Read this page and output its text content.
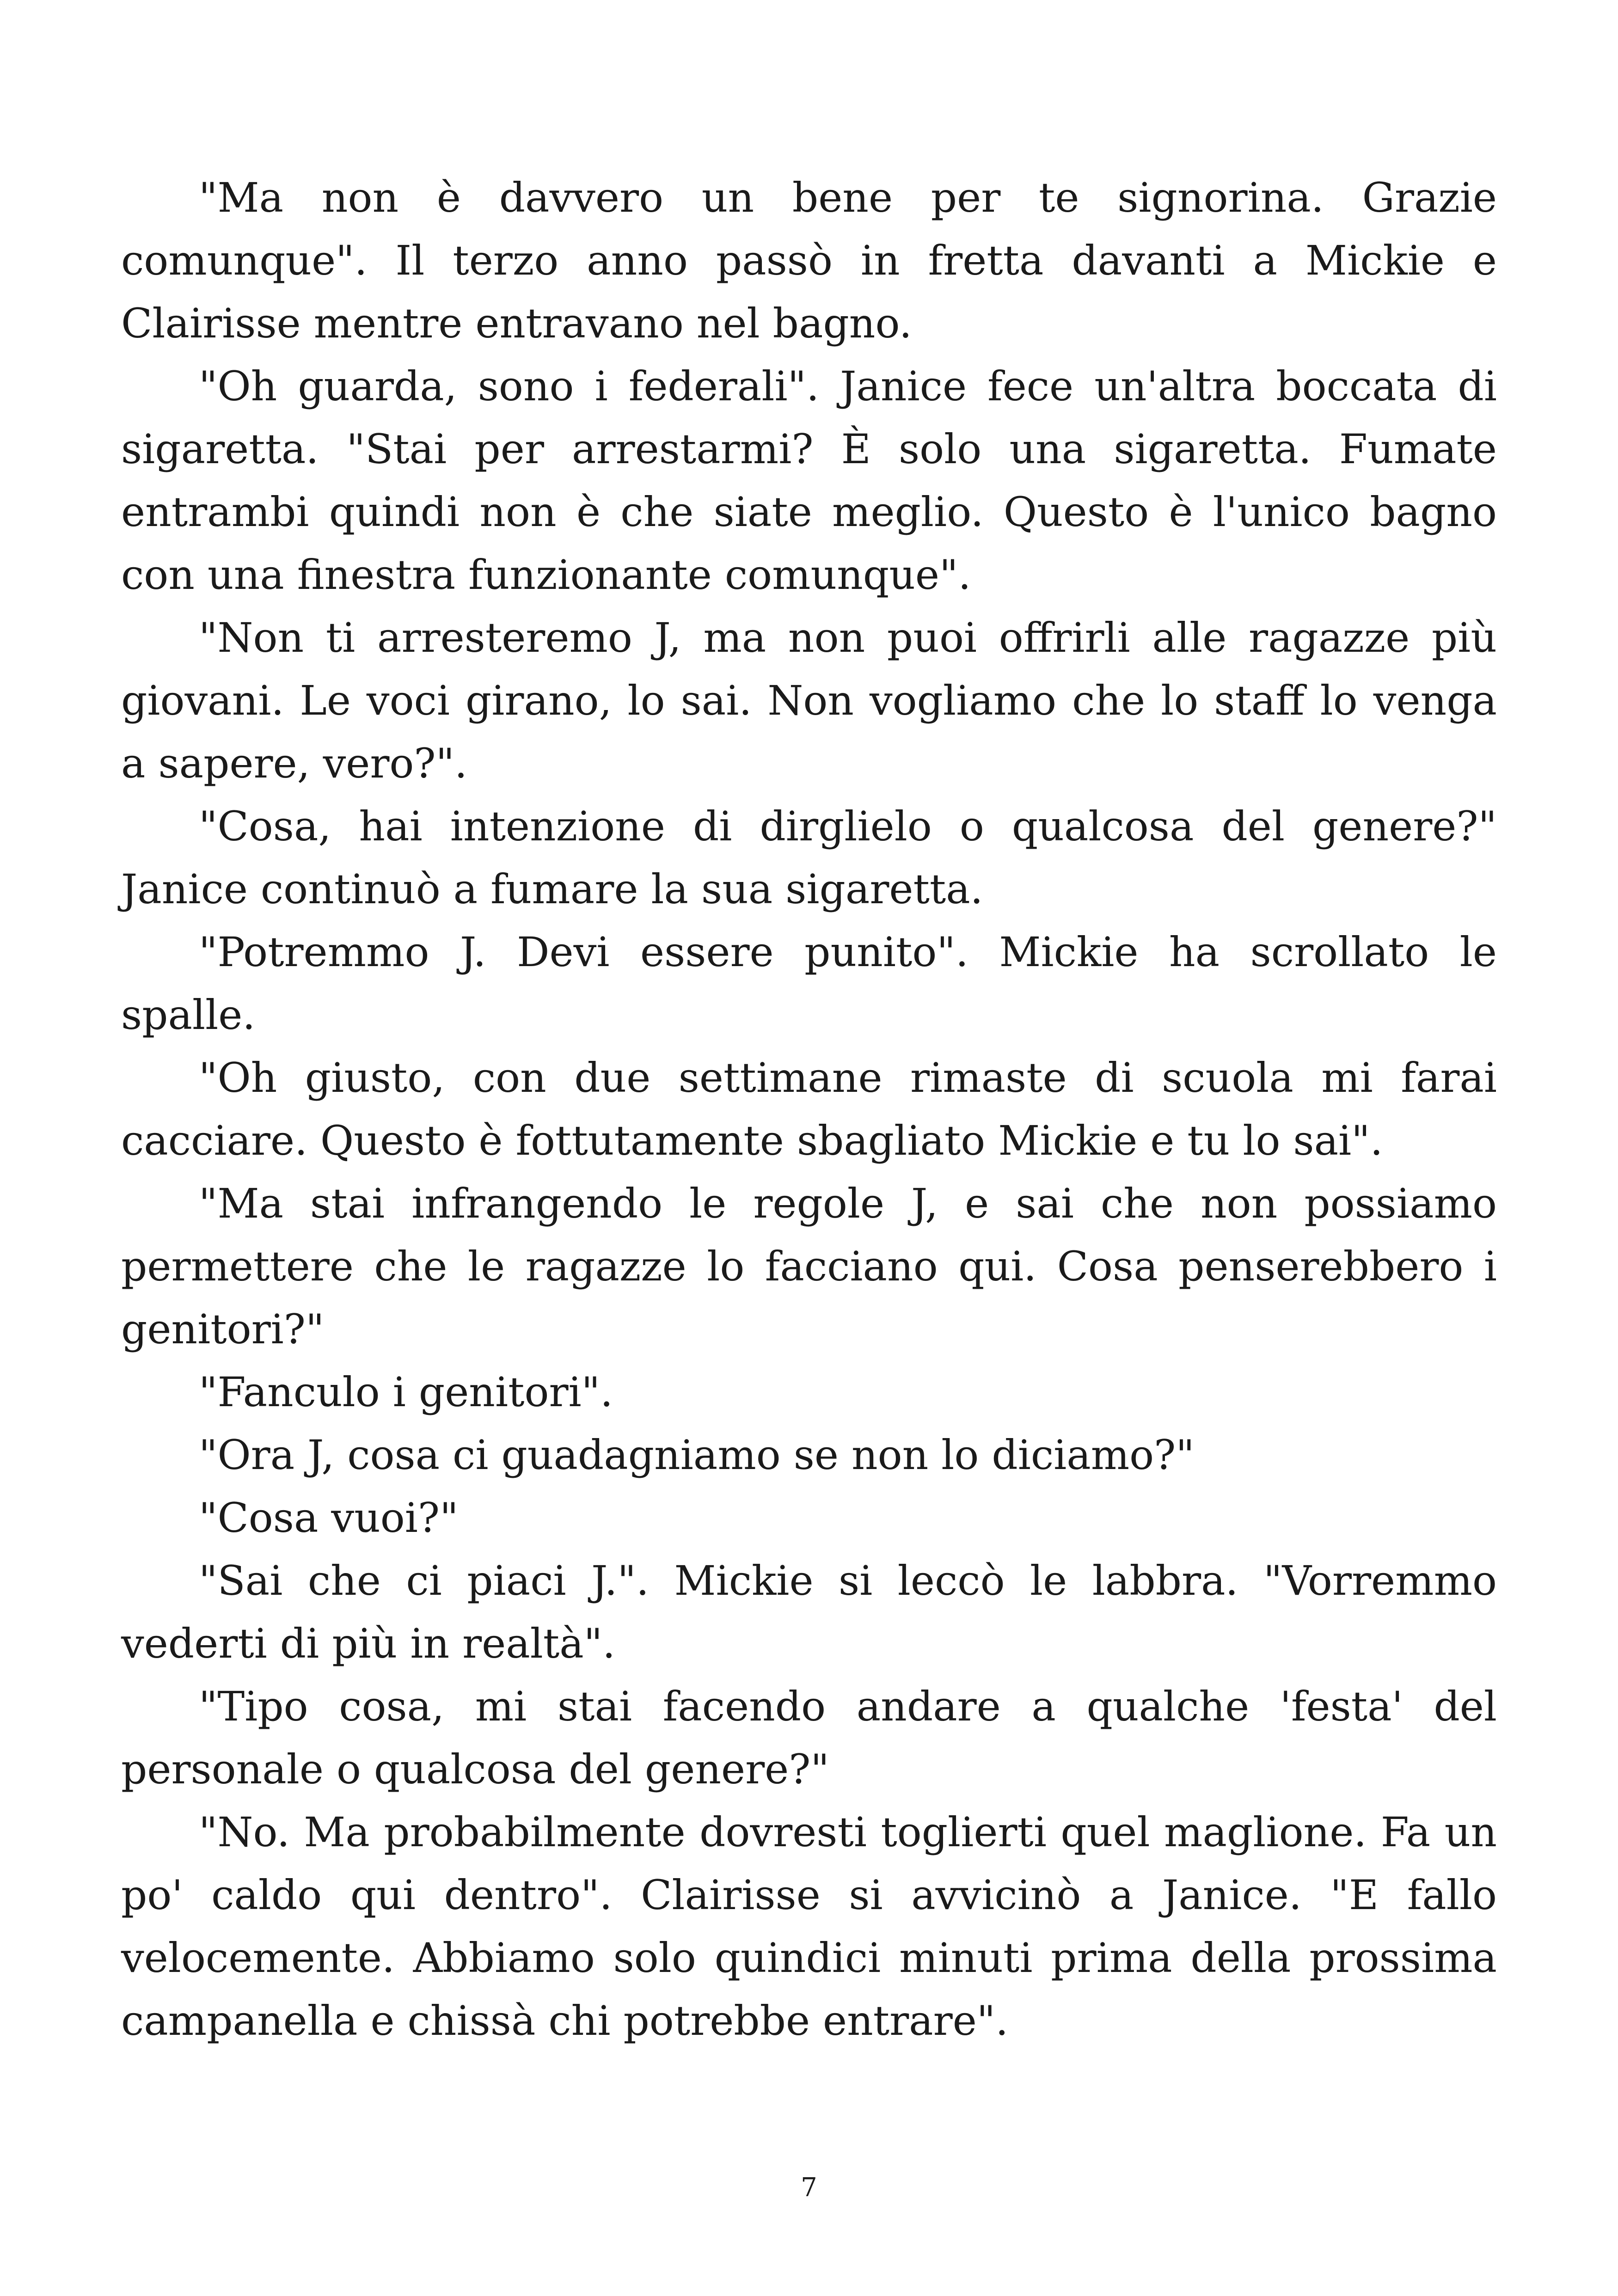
"Ma non è davvero un bene per te signorina. Grazie comunque". Il terzo anno passò in fretta davanti a Mickie e Clairisse mentre entravano nel bagno.

"Oh guarda, sono i federali". Janice fece un'altra boccata di sigaretta. "Stai per arrestarmi? È solo una sigaretta. Fumate entrambi quindi non è che siate meglio. Questo è l'unico bagno con una finestra funzionante comunque".

"Non ti arresteremo J, ma non puoi offrirli alle ragazze più giovani. Le voci girano, lo sai. Non vogliamo che lo staff lo venga a sapere, vero?".

"Cosa, hai intenzione di dirglielo o qualcosa del genere?" Janice continuò a fumare la sua sigaretta.

"Potremmo J. Devi essere punito". Mickie ha scrollato le spalle.

"Oh giusto, con due settimane rimaste di scuola mi farai cacciare. Questo è fottutamente sbagliato Mickie e tu lo sai".

"Ma stai infrangendo le regole J, e sai che non possiamo permettere che le ragazze lo facciano qui. Cosa penserebbero i genitori?"

"Fanculo i genitori".

"Ora J, cosa ci guadagniamo se non lo diciamo?"

"Cosa vuoi?"

"Sai che ci piaci J.". Mickie si leccò le labbra. "Vorremmo vederti di più in realtà".

"Tipo cosa, mi stai facendo andare a qualche 'festa' del personale o qualcosa del genere?"

"No. Ma probabilmente dovresti toglierti quel maglione. Fa un po' caldo qui dentro". Clairisse si avvicinò a Janice. "E fallo velocemente. Abbiamo solo quindici minuti prima della prossima campanella e chissà chi potrebbe entrare".

7
